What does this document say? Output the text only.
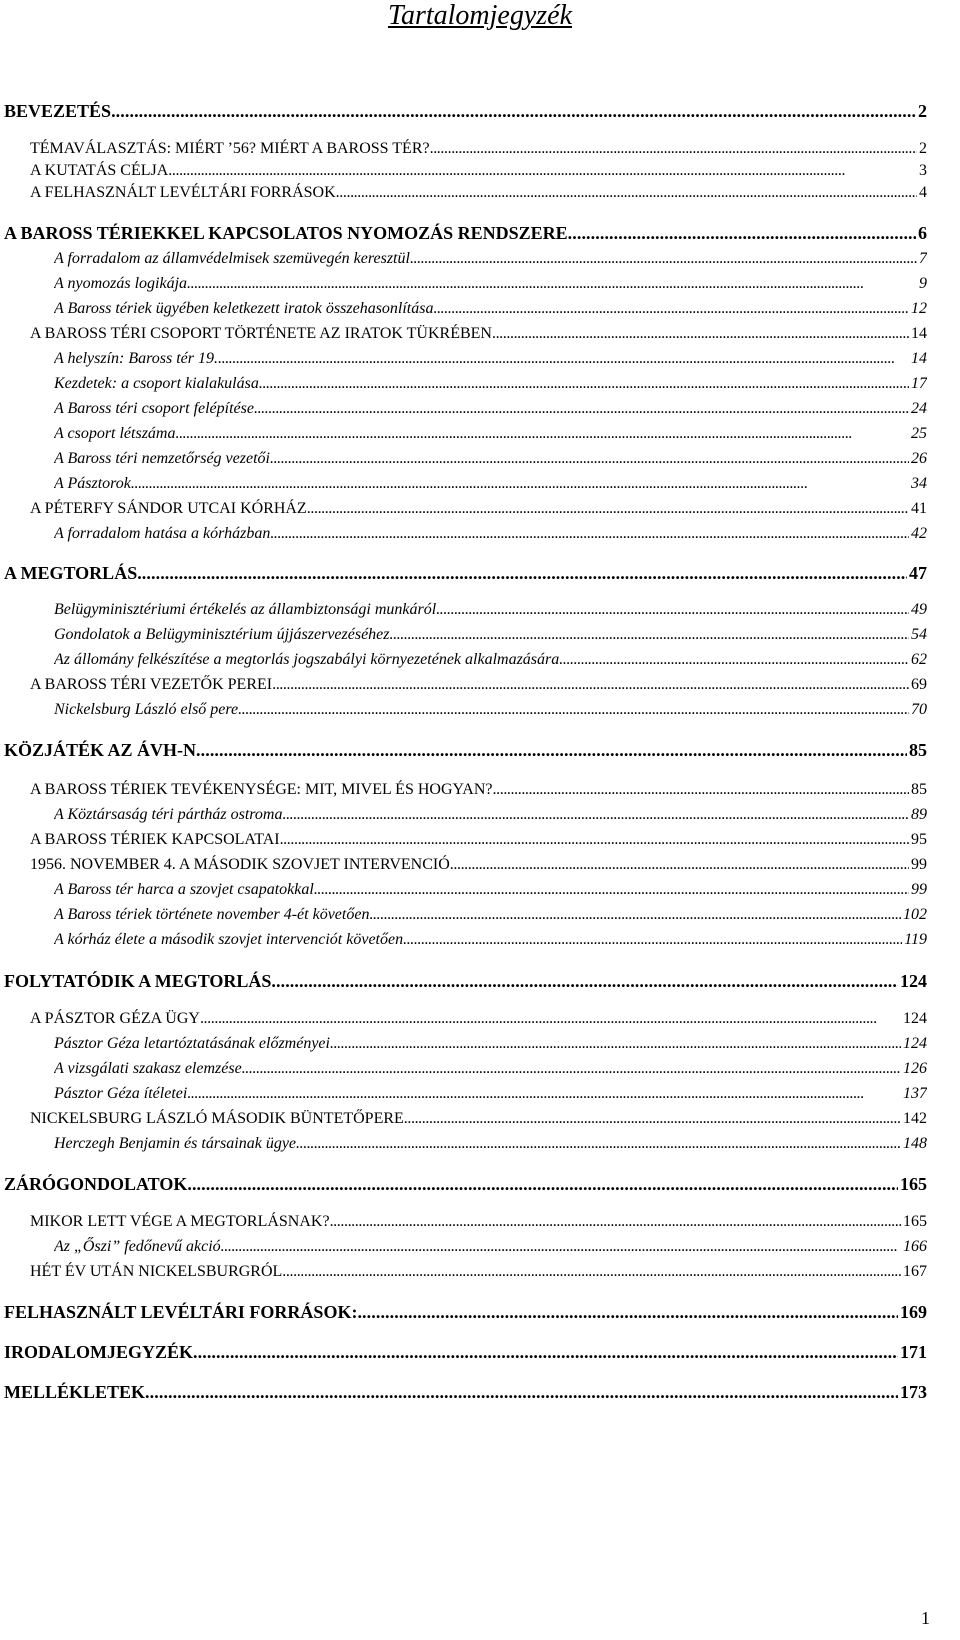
Tartalomjegyzék
BEVEZETÉS . . .	2
TÉMAVÁLASZTÁS: MIÉRT ’56? MIÉRT A BAROSS TÉR? . . .	2
A KUTATÁS CÉLJA . . .	3
A FELHASZNÁLT LEVÉLTÁRI FORRÁSOK . . .	4
A BAROSS TÉRIEKKEL KAPCSOLATOS NYOMOZÁS RENDSZERE . . .	6
A forradalom az államvédelmisek szemüvegén keresztül . . .	7
A nyomozás logikája . . .	9
A Baross tériek ügyében keletkezett iratok összehasonlítása . . .	12
A BAROSS TÉRI CSOPORT TÖRTÉNETE AZ IRATOK TÜKRÉBEN . . .	14
A helyszín: Baross tér 19. . . .	14
Kezdetek: a csoport kialakulása . . .	17
A Baross téri csoport felépítése . . .	24
A csoport létszáma . . .	25
A Baross téri nemzetőrség vezetői . . .	26
A Pásztorok . . .	34
A PÉTERFY SÁNDOR UTCAI KÓRHÁZ . . .	41
A forradalom hatása a kórházban . . .	42
A MEGTORLÁS . . .	47
Belügyminisztériumi értékelés az állambiztonsági munkáról . . .	49
Gondolatok a Belügyminisztérium újjászervezéséhez . . .	54
Az állomány felkészítése a megtorlás jogszabályi környezetének alkalmazására . . .	62
A BAROSS TÉRI VEZETŐK PEREI . . .	69
Nickelsburg László első pere . . .	70
KÖZJÁTÉK AZ ÁVH-N . . .	85
A BAROSS TÉRIEK TEVÉKENYSÉGE: MIT, MIVEL ÉS HOGYAN? . . .	85
A Köztársaság téri pártház ostroma . . .	89
A BAROSS TÉRIEK KAPCSOLATAI . . .	95
1956. NOVEMBER 4. A MÁSODIK SZOVJET INTERVENCIÓ . . .	99
A Baross tér harca a szovjet csapatokkal . . .	99
A Baross tériek története november 4-ét követően . . .	102
A kórház élete a második szovjet intervenciót követően . . .	119
FOLYTATÓDIK A MEGTORLÁS . . .	124
A PÁSZTOR GÉZA ÜGY . . .	124
Pásztor Géza letartóztatásának előzményei . . .	124
A vizsgálati szakasz elemzése . . .	126
Pásztor Géza ítéletei . . .	137
NICKELSBURG LÁSZLÓ MÁSODIK BÜNTETŐPERE . . .	142
Herczegh Benjamin és társainak ügye . . .	148
ZÁRÓGONDOLATOK . . .	165
MIKOR LETT VÉGE A MEGTORLÁSNAK? . . .	165
Az „Őszi” fedőnevű akció . . .	166
HÉT ÉV UTÁN NICKELSBURGRÓL . . .	167
FELHASZNÁLT LEVÉLTÁRI FORRÁSOK: . . .	169
IRODALOMJEGYZÉK . . .	171
MELLÉKLETEK . . .	173
1
